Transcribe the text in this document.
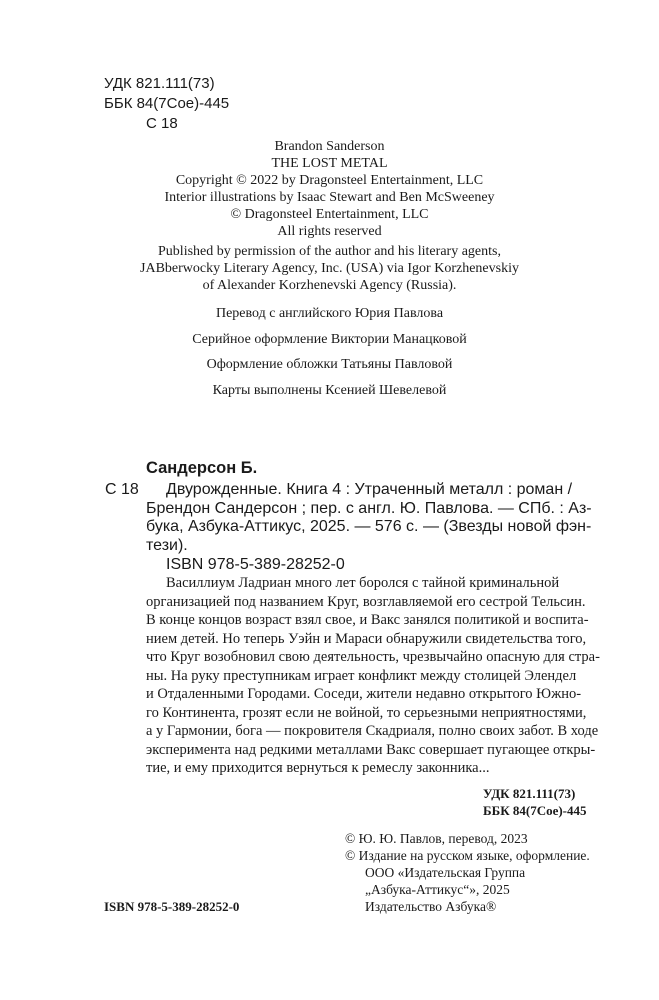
УДК 821.111(73)
ББК 84(7Сое)-445
С 18
Brandon Sanderson
THE LOST METAL
Copyright © 2022 by Dragonsteel Entertainment, LLC
Interior illustrations by Isaac Stewart and Ben McSweeney
© Dragonsteel Entertainment, LLC
All rights reserved
Published by permission of the author and his literary agents,
JABberwocky Literary Agency, Inc. (USA) via Igor Korzhenevskiy
of Alexander Korzhenevski Agency (Russia).
Перевод с английского Юрия Павлова
Серийное оформление Виктории Манацковой
Оформление обложки Татьяны Павловой
Карты выполнены Ксенией Шевелевой
Сандерсон Б.
С 18	Двурожденные. Книга 4 : Утраченный металл : роман /
Брендон Сандерсон ; пер. с англ. Ю. Павлова. — СПб. : Аз-
бука, Азбука-Аттикус, 2025. — 576 с. — (Звезды новой фэн-
тези).
ISBN 978-5-389-28252-0
Василлиум Ладриан много лет боролся с тайной криминальной
организацией под названием Круг, возглавляемой его сестрой Тельсин.
В конце концов возраст взял свое, и Вакс занялся политикой и воспита-
нием детей. Но теперь Уэйн и Мараси обнаружили свидетельства того,
что Круг возобновил свою деятельность, чрезвычайно опасную для стра-
ны. На руку преступникам играет конфликт между столицей Элендел
и Отдаленными Городами. Соседи, жители недавно открытого Южно-
го Континента, грозят если не войной, то серьезными неприятностями,
а у Гармонии, бога — покровителя Скадриаля, полно своих забот. В ходе
эксперимента над редкими металлами Вакс совершает пугающее откры-
тие, и ему приходится вернуться к ремеслу законника...
УДК 821.111(73)
ББК 84(7Сое)-445
© Ю. Ю. Павлов, перевод, 2023
© Издание на русском языке, оформление.
ООО «Издательская Группа
„Азбука-Аттикус“», 2025
Издательство Азбука®
ISBN 978-5-389-28252-0
